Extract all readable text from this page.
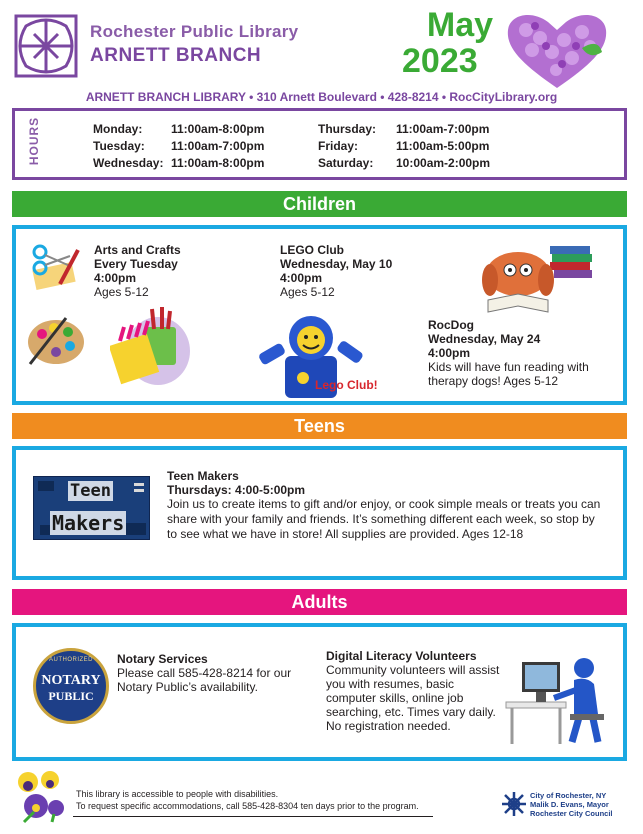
Rochester Public Library
ARNETT BRANCH
May
2023
ARNETT BRANCH LIBRARY • 310 Arnett Boulevard • 428-8214 • RocCityLibrary.org
HOURS	Monday: 11:00am-8:00pm
Tuesday: 11:00am-7:00pm
Wednesday: 11:00am-8:00pm
Thursday: 11:00am-7:00pm
Friday:	11:00am-5:00pm
Saturday: 10:00am-2:00pm
Children
Arts and Crafts
Every Tuesday
4:00pm
Ages 5-12
LEGO Club
Wednesday, May 10
4:00pm
Ages 5-12
Lego Club!
RocDog
Wednesday, May 24
4:00pm
Kids will have fun reading with therapy dogs! Ages 5-12
Teens
Teen
Makers
Teen Makers
Thursdays: 4:00-5:00pm
Join us to create items to gift and/or enjoy, or cook simple meals or treats you can share with your family and friends. It’s something different each week, so stop by to see what we have in store! All supplies are provided. Ages 12-18
Adults
AUTHORIZED
NOTARY
PUBLIC
Notary Services
Please call 585-428-8214 for our Notary Public’s availability.
Digital Literacy Volunteers
Community volunteers will assist you with resumes, basic computer skills, online job searching, etc. Times vary daily. No registration needed.
This library is accessible to people with disabilities.
To request specific accommodations, call 585-428-8304 ten days prior to the program.
City of Rochester, NY
Malik D. Evans, Mayor
Rochester City Council
